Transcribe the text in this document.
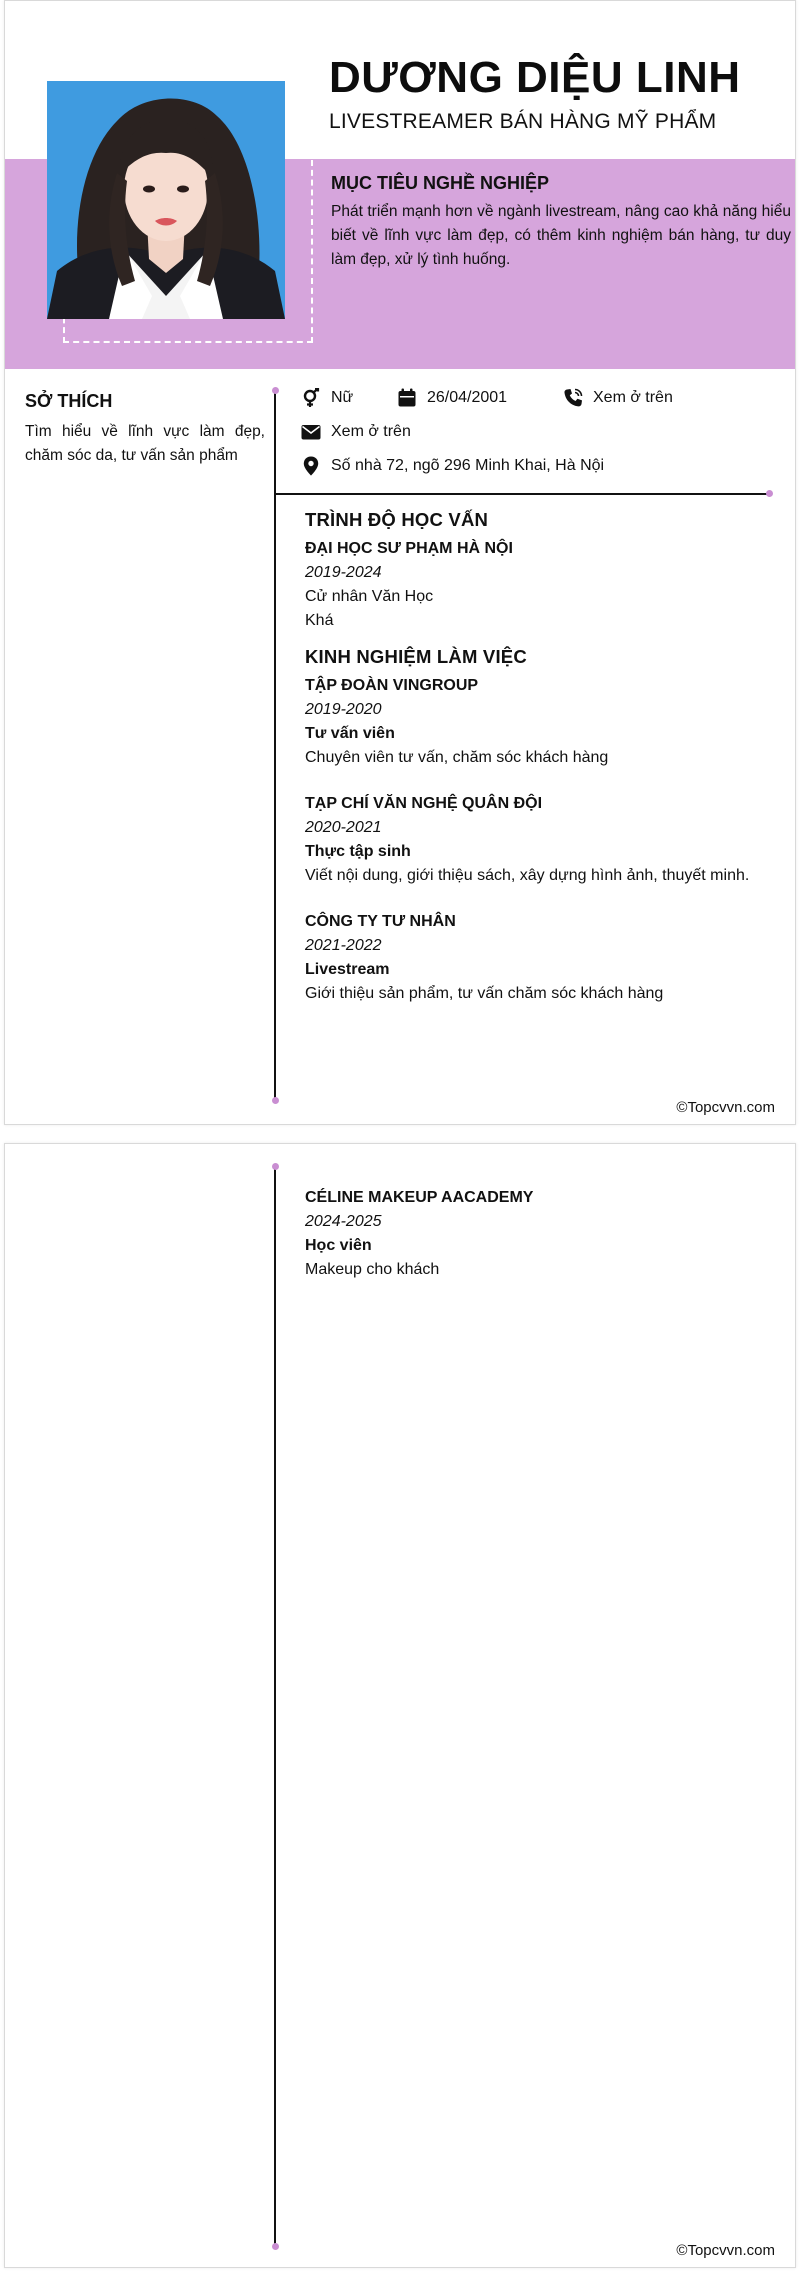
DƯƠNG DIỆU LINH
LIVESTREAMER BÁN HÀNG MỸ PHẨM
MỤC TIÊU NGHỀ NGHIỆP

Phát triển mạnh hơn về ngành livestream, nâng cao khả năng hiểu biết về lĩnh vực làm đẹp, có thêm kinh nghiệm bán hàng, tư duy làm đẹp, xử lý tình huống.

SỞ THÍCH

Tìm hiểu về lĩnh vực làm đẹp, chăm sóc da, tư vấn sản phẩm

Nữ	26/04/2001	Xem ở trên
Xem ở trên
Số nhà 72, ngõ 296 Minh Khai, Hà Nội
TRÌNH ĐỘ HỌC VẤN
ĐẠI HỌC SƯ PHẠM HÀ NỘI
2019-2024
Cử nhân Văn Học
Khá
KINH NGHIỆM LÀM VIỆC
TẬP ĐOÀN VINGROUP
2019-2020
Tư vấn viên
Chuyên viên tư vấn, chăm sóc khách hàng
TẠP CHÍ VĂN NGHỆ QUÂN ĐỘI
2020-2021
Thực tập sinh
Viết nội dung, giới thiệu sách, xây dựng hình ảnh, thuyết minh.
CÔNG TY TƯ NHÂN
2021-2022
Livestream
Giới thiệu sản phẩm, tư vấn chăm sóc khách hàng
©Topcvvn.com
CÉLINE MAKEUP AACADEMY
2024-2025
Học viên
Makeup cho khách
©Topcvvn.com
